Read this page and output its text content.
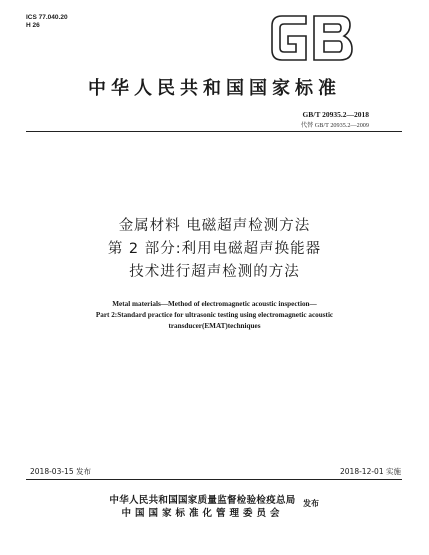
ICS 77.040.20
H 26
中华人民共和国国家标准
GB/T 20935.2—2018
代替 GB/T 20935.2—2009
金属材料 电磁超声检测方法
第 2 部分:利用电磁超声换能器
技术进行超声检测的方法
Metal materials—Method of electromagnetic acoustic inspection—
Part 2:Standard practice for ultrasonic testing using electromagnetic acoustic
transducer(EMAT)techniques
2018-03-15 发布	2018-12-01 实施
中华人民共和国国家质量监督检验检疫总局
中国国家标准化管理委员会
发布
